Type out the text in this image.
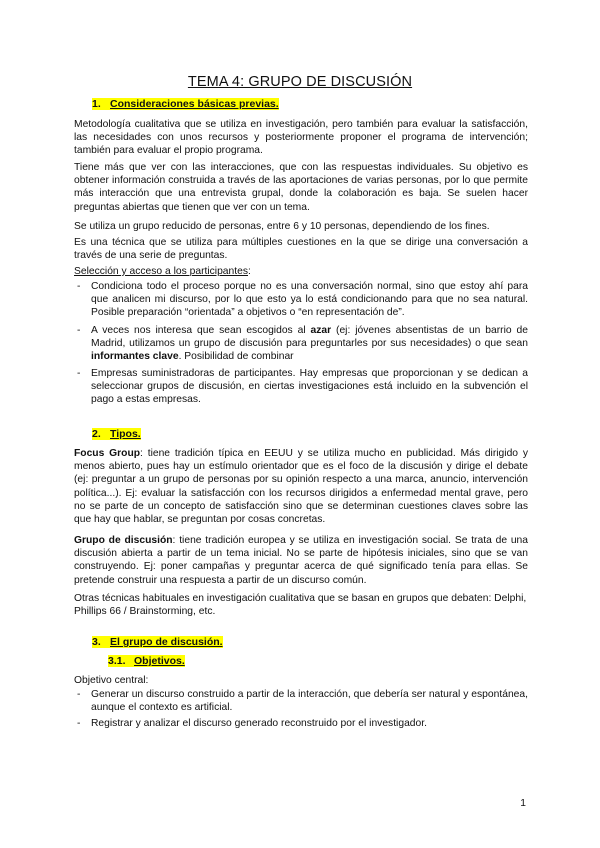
TEMA 4: GRUPO DE DISCUSIÓN
1. Consideraciones básicas previas.
Metodología cualitativa que se utiliza en investigación, pero también para evaluar la satisfacción, las necesidades con unos recursos y posteriormente proponer el programa de intervención; también para evaluar el propio programa.
Tiene más que ver con las interacciones, que con las respuestas individuales. Su objetivo es obtener información construida a través de las aportaciones de varias personas, por lo que permite más interacción que una entrevista grupal, donde la colaboración es baja. Se suelen hacer preguntas abiertas que tienen que ver con un tema.
Se utiliza un grupo reducido de personas, entre 6 y 10 personas, dependiendo de los fines.
Es una técnica que se utiliza para múltiples cuestiones en la que se dirige una conversación a través de una serie de preguntas.
Selección y acceso a los participantes:
- Condiciona todo el proceso porque no es una conversación normal, sino que estoy ahí para que analicen mi discurso, por lo que esto ya lo está condicionando para que no sea natural. Posible preparación “orientada” a objetivos o “en representación de”.
- A veces nos interesa que sean escogidos al azar (ej: jóvenes absentistas de un barrio de Madrid, utilizamos un grupo de discusión para preguntarles por sus necesidades) o que sean informantes clave. Posibilidad de combinar
- Empresas suministradoras de participantes. Hay empresas que proporcionan y se dedican a seleccionar grupos de discusión, en ciertas investigaciones está incluido en la subvención el pago a estas empresas.
2. Tipos.
Focus Group: tiene tradición típica en EEUU y se utiliza mucho en publicidad. Más dirigido y menos abierto, pues hay un estímulo orientador que es el foco de la discusión y dirige el debate (ej: preguntar a un grupo de personas por su opinión respecto a una marca, anuncio, intervención política...). Ej: evaluar la satisfacción con los recursos dirigidos a enfermedad mental grave, pero no se parte de un concepto de satisfacción sino que se determinan cuestiones claves sobre las que hay que hablar, se preguntan por cosas concretas.
Grupo de discusión: tiene tradición europea y se utiliza en investigación social. Se trata de una discusión abierta a partir de un tema inicial. No se parte de hipótesis iniciales, sino que se van construyendo. Ej: poner campañas y preguntar acerca de qué significado tenía para ellas. Se pretende construir una respuesta a partir de un discurso común.
Otras técnicas habituales en investigación cualitativa que se basan en grupos que debaten: Delphi, Phillips 66 / Brainstorming, etc.
3. El grupo de discusión.
3.1. Objetivos.
Objetivo central:
- Generar un discurso construido a partir de la interacción, que debería ser natural y espontánea, aunque el contexto es artificial.
- Registrar y analizar el discurso generado reconstruido por el investigador.
1
